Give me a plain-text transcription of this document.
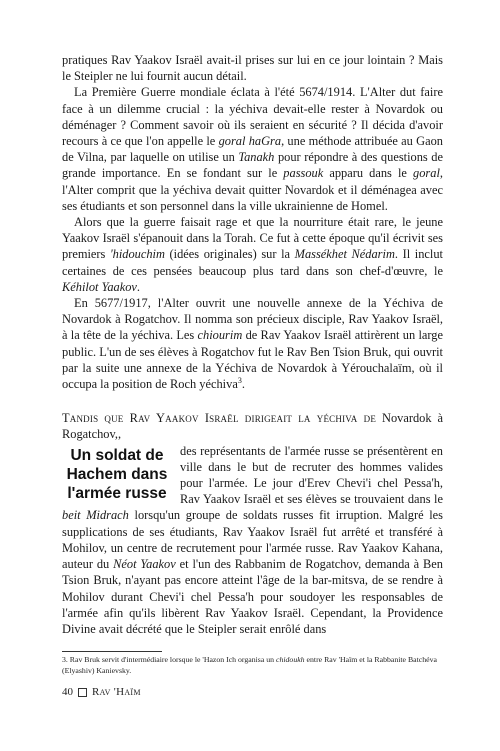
pratiques Rav Yaakov Israël avait-il prises sur lui en ce jour lointain ? Mais le Steipler ne lui fournit aucun détail.

La Première Guerre mondiale éclata à l'été 5674/1914. L'Alter dut faire face à un dilemme crucial : la yéchiva devait-elle rester à Novardok ou déménager ? Comment savoir où ils seraient en sécurité ? Il décida d'avoir recours à ce que l'on appelle le goral haGra, une méthode attribuée au Gaon de Vilna, par laquelle on utilise un Tanakh pour répondre à des questions de grande importance. En se fondant sur le passouk apparu dans le goral, l'Alter comprit que la yéchiva devait quitter Novardok et il déménagea avec ses étudiants et son personnel dans la ville ukrainienne de Homel.

Alors que la guerre faisait rage et que la nourriture était rare, le jeune Yaakov Israël s'épanouit dans la Torah. Ce fut à cette époque qu'il écrivit ses premiers 'hidouchim (idées originales) sur la Massékhet Nédarim. Il inclut certaines de ces pensées beaucoup plus tard dans son chef-d'œuvre, le Kéhilot Yaakov.

En 5677/1917, l'Alter ouvrit une nouvelle annexe de la Yéchiva de Novardok à Rogatchov. Il nomma son précieux disciple, Rav Yaakov Israël, à la tête de la yéchiva. Les chiourim de Rav Yaakov Israël attirèrent un large public. L'un de ses élèves à Rogatchov fut le Rav Ben Tsion Bruk, qui ouvrit par la suite une annexe de la Yéchiva de Novardok à Yérouchalaïm, où il occupa la position de Roch yéchiva$^3$.

Tandis que Rav Yaakov Israël dirigeait la yéchiva de Novardok à Rogatchov,,

Un soldat de Hachem dans l'armée russe
des représentants de l'armée russe se présentèrent en ville dans le but de recruter des hommes valides pour l'armée. Le jour d'Erev Chevi'i chel Pessa'h, Rav Yaakov Israël et ses élèves se trouvaient dans le beit Midrach lorsqu'un groupe de soldats russes fit irruption. Malgré les supplications de ses étudiants, Rav Yaakov Israël fut arrêté et transféré à Mohilov, un centre de recrutement pour l'armée russe. Rav Yaakov Kahana, auteur du Néot Yaakov et l'un des Rabbanim de Rogatchov, demanda à Ben Tsion Bruk, n'ayant pas encore atteint l'âge de la bar-mitsva, de se rendre à Mohilov durant Chevi'i chel Pessa'h pour soudoyer les responsables de l'armée afin qu'ils libèrent Rav Yaakov Israël. Cependant, la Providence Divine avait décrété que le Steipler serait enrôlé dans

3. Rav Bruk servit d'intermédiaire lorsque le 'Hazon Ich organisa un chidoukh entre Rav 'Haïm et la Rabbanite Batchéva (Elyashiv) Kanievsky.
40 Rav 'Haïm
